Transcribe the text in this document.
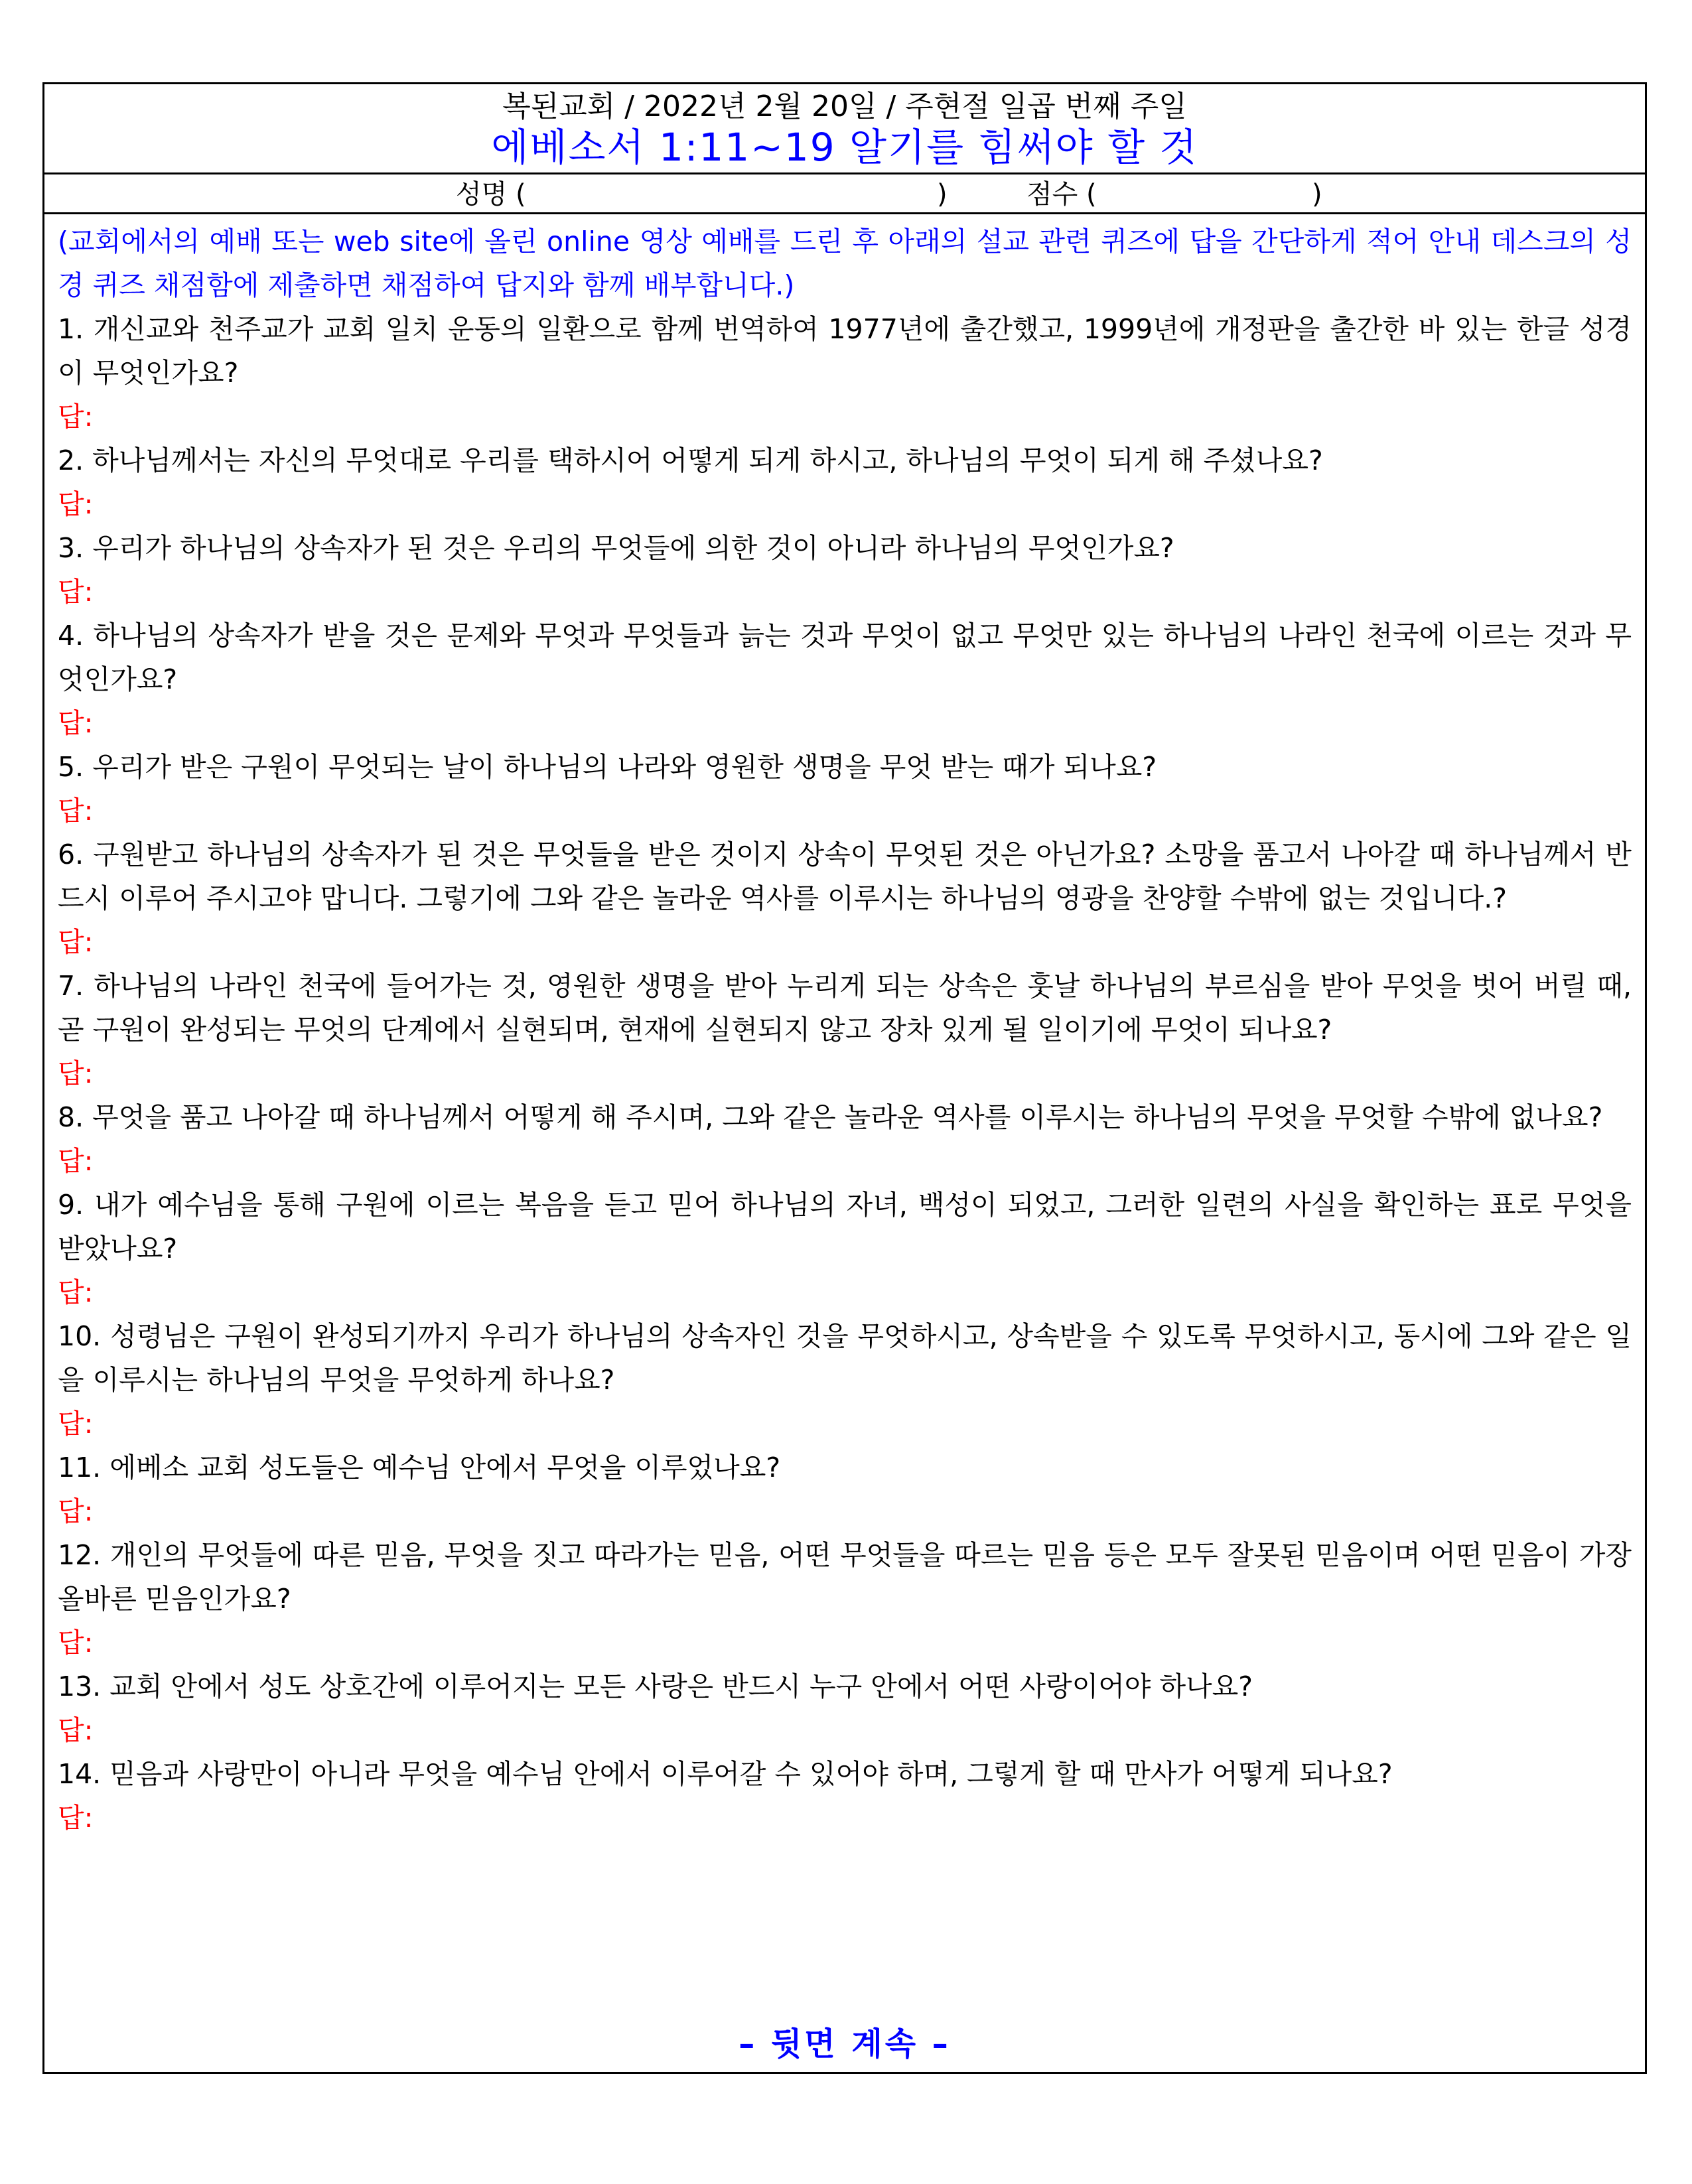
복된교회 / 2022년 2월 20일 / 주현절 일곱 번째 주일
에베소서 1:11~19 알기를 힘써야 할 것
성명 (	)	점수 (	)

(교회에서의 예배 또는 web site에 올린 online 영상 예배를 드린 후 아래의 설교 관련 퀴즈에 답을 간단하게 적어 안내 데스크의 성경 퀴즈 채점함에 제출하면 채점하여 답지와 함께 배부합니다.)

1. 개신교와 천주교가 교회 일치 운동의 일환으로 함께 번역하여 1977년에 출간했고, 1999년에 개정판을 출간한 바 있는 한글 성경이 무엇인가요?

답:

2. 하나님께서는 자신의 무엇대로 우리를 택하시어 어떻게 되게 하시고, 하나님의 무엇이 되게 해 주셨나요?

답:

3. 우리가 하나님의 상속자가 된 것은 우리의 무엇들에 의한 것이 아니라 하나님의 무엇인가요?

답:

4. 하나님의 상속자가 받을 것은 문제와 무엇과 무엇들과 늙는 것과 무엇이 없고 무엇만 있는 하나님의 나라인 천국에 이르는 것과 무엇인가요?

답:

5. 우리가 받은 구원이 무엇되는 날이 하나님의 나라와 영원한 생명을 무엇 받는 때가 되나요?

답:

6. 구원받고 하나님의 상속자가 된 것은 무엇들을 받은 것이지 상속이 무엇된 것은 아닌가요? 소망을 품고서 나아갈 때 하나님께서 반드시 이루어 주시고야 맙니다. 그렇기에 그와 같은 놀라운 역사를 이루시는 하나님의 영광을 찬양할 수밖에 없는 것입니다.?

답:

7. 하나님의 나라인 천국에 들어가는 것, 영원한 생명을 받아 누리게 되는 상속은 훗날 하나님의 부르심을 받아 무엇을 벗어 버릴 때, 곧 구원이 완성되는 무엇의 단계에서 실현되며, 현재에 실현되지 않고 장차 있게 될 일이기에 무엇이 되나요?

답:

8. 무엇을 품고 나아갈 때 하나님께서 어떻게 해 주시며, 그와 같은 놀라운 역사를 이루시는 하나님의 무엇을 무엇할 수밖에 없나요?

답:

9. 내가 예수님을 통해 구원에 이르는 복음을 듣고 믿어 하나님의 자녀, 백성이 되었고, 그러한 일련의 사실을 확인하는 표로 무엇을 받았나요?

답:

10. 성령님은 구원이 완성되기까지 우리가 하나님의 상속자인 것을 무엇하시고, 상속받을 수 있도록 무엇하시고, 동시에 그와 같은 일을 이루시는 하나님의 무엇을 무엇하게 하나요?

답:

11. 에베소 교회 성도들은 예수님 안에서 무엇을 이루었나요?

답:

12. 개인의 무엇들에 따른 믿음, 무엇을 짓고 따라가는 믿음, 어떤 무엇들을 따르는 믿음 등은 모두 잘못된 믿음이며 어떤 믿음이 가장 올바른 믿음인가요?

답:

13. 교회 안에서 성도 상호간에 이루어지는 모든 사랑은 반드시 누구 안에서 어떤 사랑이어야 하나요?

답:

14. 믿음과 사랑만이 아니라 무엇을 예수님 안에서 이루어갈 수 있어야 하며, 그렇게 할 때 만사가 어떻게 되나요?

답:

– 뒷면 계속 –
